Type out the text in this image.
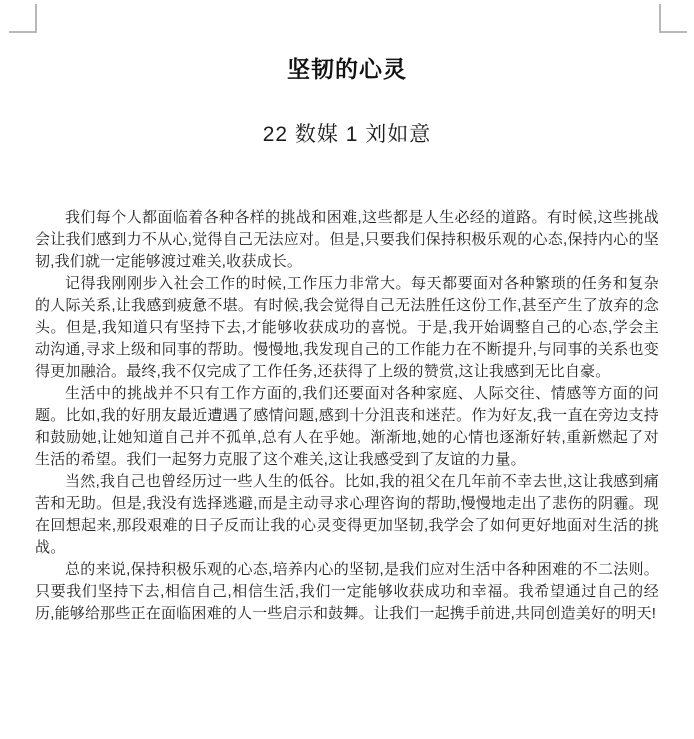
坚韧的心灵
22 数媒 1 刘如意

我们每个人都面临着各种各样的挑战和困难,这些都是人生必经的道路。有时候,这些挑战会让我们感到力不从心,觉得自己无法应对。但是,只要我们保持积极乐观的心态,保持内心的坚韧,我们就一定能够渡过难关,收获成长。

记得我刚刚步入社会工作的时候,工作压力非常大。每天都要面对各种繁琐的任务和复杂的人际关系,让我感到疲惫不堪。有时候,我会觉得自己无法胜任这份工作,甚至产生了放弃的念头。但是,我知道只有坚持下去,才能够收获成功的喜悦。于是,我开始调整自己的心态,学会主动沟通,寻求上级和同事的帮助。慢慢地,我发现自己的工作能力在不断提升,与同事的关系也变得更加融洽。最终,我不仅完成了工作任务,还获得了上级的赞赏,这让我感到无比自豪。

生活中的挑战并不只有工作方面的,我们还要面对各种家庭、人际交往、情感等方面的问题。比如,我的好朋友最近遭遇了感情问题,感到十分沮丧和迷茫。作为好友,我一直在旁边支持和鼓励她,让她知道自己并不孤单,总有人在乎她。渐渐地,她的心情也逐渐好转,重新燃起了对生活的希望。我们一起努力克服了这个难关,这让我感受到了友谊的力量。

当然,我自己也曾经历过一些人生的低谷。比如,我的祖父在几年前不幸去世,这让我感到痛苦和无助。但是,我没有选择逃避,而是主动寻求心理咨询的帮助,慢慢地走出了悲伤的阴霾。现在回想起来,那段艰难的日子反而让我的心灵变得更加坚韧,我学会了如何更好地面对生活的挑战。

总的来说,保持积极乐观的心态,培养内心的坚韧,是我们应对生活中各种困难的不二法则。只要我们坚持下去,相信自己,相信生活,我们一定能够收获成功和幸福。我希望通过自己的经历,能够给那些正在面临困难的人一些启示和鼓舞。让我们一起携手前进,共同创造美好的明天!
